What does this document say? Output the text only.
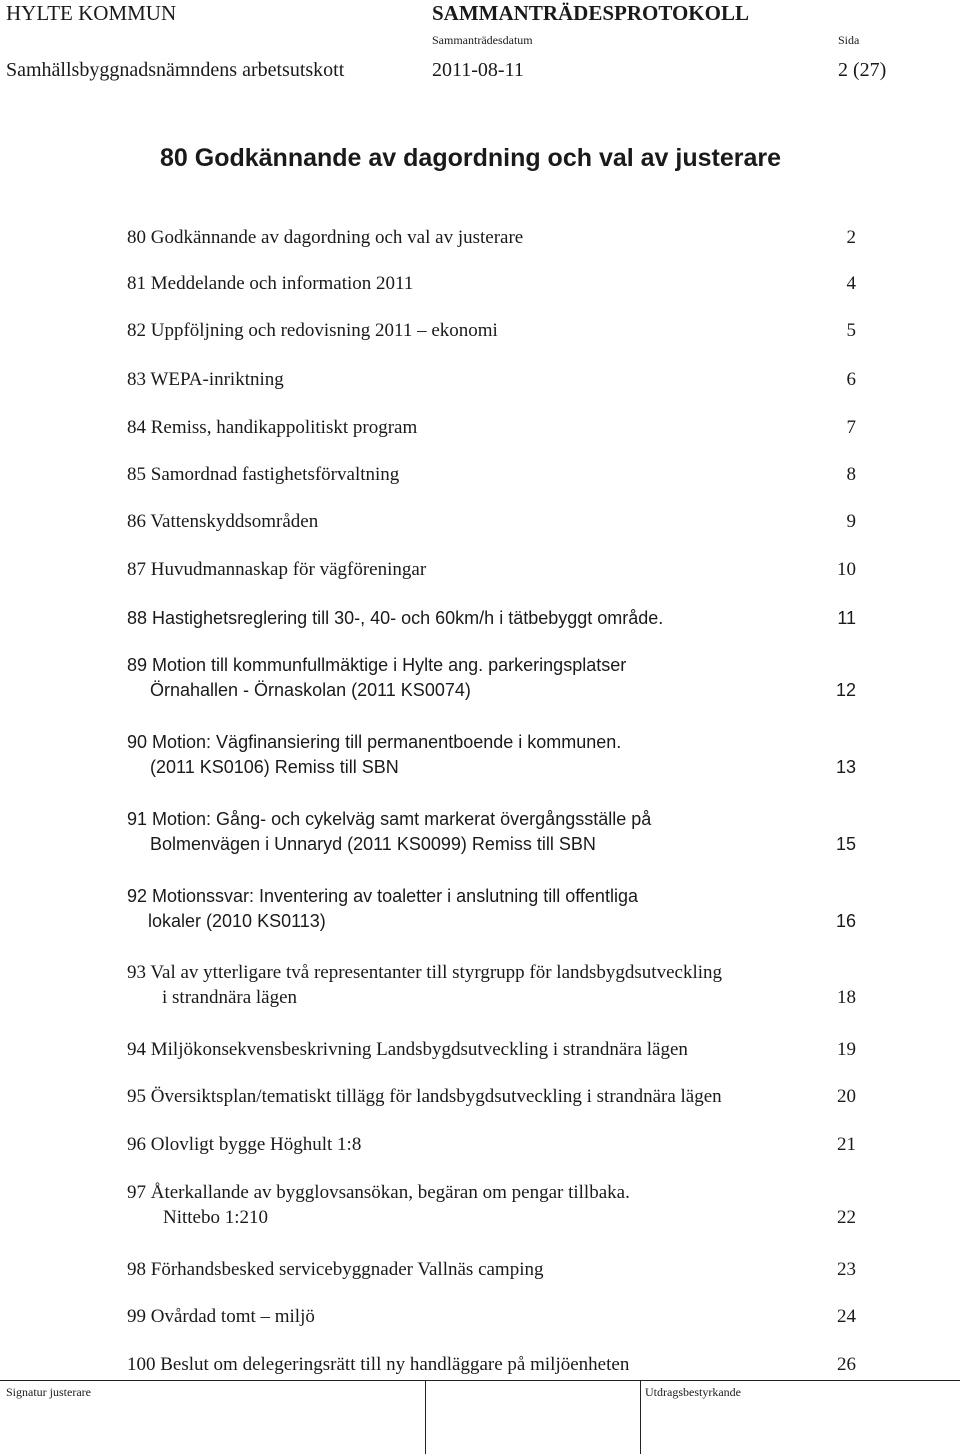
HYLTE KOMMUN	SAMMANTRÄDESPROTOKOLL
Sammanträdesdatum	Sida
Samhällsbyggnadsnämndens arbetsutskott	2011-08-11	2 (27)
80 Godkännande av dagordning och val av justerare
80 Godkännande av dagordning och val av justerare	2
81 Meddelande och information 2011	4
82 Uppföljning och redovisning 2011 – ekonomi	5
83 WEPA-inriktning	6
84 Remiss, handikappolitiskt program	7
85 Samordnad fastighetsförvaltning	8
86 Vattenskyddsområden	9
87 Huvudmannaskap för vägföreningar	10
88 Hastighetsreglering till 30-, 40- och 60km/h i tätbebyggt område.	11
89 Motion till kommunfullmäktige i Hylte ang. parkeringsplatser
Örnahallen - Örnaskolan (2011 KS0074)	12
90 Motion: Vägfinansiering till permanentboende i kommunen.
(2011 KS0106) Remiss till SBN	13
91 Motion: Gång- och cykelväg samt markerat övergångsställe på
Bolmenvägen i Unnaryd (2011 KS0099) Remiss till SBN	15
92 Motionssvar: Inventering av toaletter i anslutning till offentliga
lokaler (2010 KS0113)	16
93 Val av ytterligare två representanter till styrgrupp för landsbygdsutveckling
i strandnära lägen	18
94 Miljökonsekvensbeskrivning Landsbygdsutveckling i strandnära lägen	19
95 Översiktsplan/tematiskt tillägg för landsbygdsutveckling i strandnära lägen	20
96 Olovligt bygge Höghult 1:8	21
97 Återkallande av bygglovsansökan, begäran om pengar tillbaka.
Nittebo 1:210	22
98 Förhandsbesked servicebyggnader Vallnäs camping	23
99 Ovårdad tomt – miljö	24
100 Beslut om delegeringsrätt till ny handläggare på miljöenheten	26
Signatur justerare	Utdragsbestyrkande
